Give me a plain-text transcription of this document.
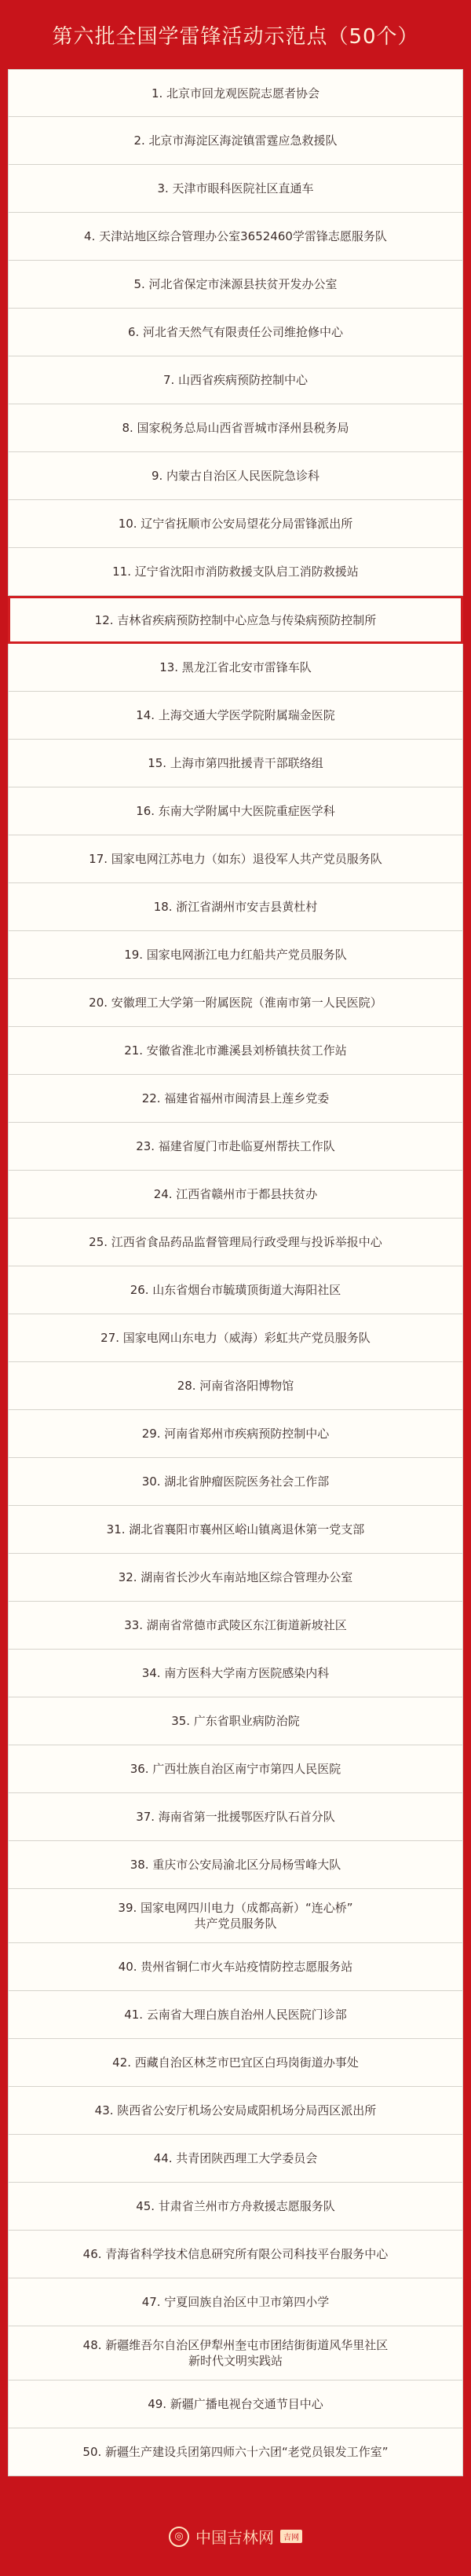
第六批全国学雷锋活动示范点（50个）
1. 北京市回龙观医院志愿者协会
2. 北京市海淀区海淀镇雷霆应急救援队
3. 天津市眼科医院社区直通车
4. 天津站地区综合管理办公室3652460学雷锋志愿服务队
5. 河北省保定市涞源县扶贫开发办公室
6. 河北省天然气有限责任公司维抢修中心
7. 山西省疾病预防控制中心
8. 国家税务总局山西省晋城市泽州县税务局
9. 内蒙古自治区人民医院急诊科
10. 辽宁省抚顺市公安局望花分局雷锋派出所
11. 辽宁省沈阳市消防救援支队启工消防救援站
12. 吉林省疾病预防控制中心应急与传染病预防控制所
13. 黑龙江省北安市雷锋车队
14. 上海交通大学医学院附属瑞金医院
15. 上海市第四批援青干部联络组
16. 东南大学附属中大医院重症医学科
17. 国家电网江苏电力（如东）退役军人共产党员服务队
18. 浙江省湖州市安吉县黄杜村
19. 国家电网浙江电力红船共产党员服务队
20. 安徽理工大学第一附属医院（淮南市第一人民医院）
21. 安徽省淮北市濉溪县刘桥镇扶贫工作站
22. 福建省福州市闽清县上莲乡党委
23. 福建省厦门市赴临夏州帮扶工作队
24. 江西省赣州市于都县扶贫办
25. 江西省食品药品监督管理局行政受理与投诉举报中心
26. 山东省烟台市毓璜顶街道大海阳社区
27. 国家电网山东电力（威海）彩虹共产党员服务队
28. 河南省洛阳博物馆
29. 河南省郑州市疾病预防控制中心
30. 湖北省肿瘤医院医务社会工作部
31. 湖北省襄阳市襄州区峪山镇离退休第一党支部
32. 湖南省长沙火车南站地区综合管理办公室
33. 湖南省常德市武陵区东江街道新坡社区
34. 南方医科大学南方医院感染内科
35. 广东省职业病防治院
36. 广西壮族自治区南宁市第四人民医院
37. 海南省第一批援鄂医疗队石首分队
38. 重庆市公安局渝北区分局杨雪峰大队
39. 国家电网四川电力（成都高新）“连心桥”
共产党员服务队
40. 贵州省铜仁市火车站疫情防控志愿服务站
41. 云南省大理白族自治州人民医院门诊部
42. 西藏自治区林芝市巴宜区白玛岗街道办事处
43. 陕西省公安厅机场公安局咸阳机场分局西区派出所
44. 共青团陕西理工大学委员会
45. 甘肃省兰州市方舟救援志愿服务队
46. 青海省科学技术信息研究所有限公司科技平台服务中心
47. 宁夏回族自治区中卫市第四小学
48. 新疆维吾尔自治区伊犁州奎屯市团结街街道风华里社区
新时代文明实践站
49. 新疆广播电视台交通节目中心
50. 新疆生产建设兵团第四师六十六团“老党员银发工作室”
◎ 中国吉林网	吉网
